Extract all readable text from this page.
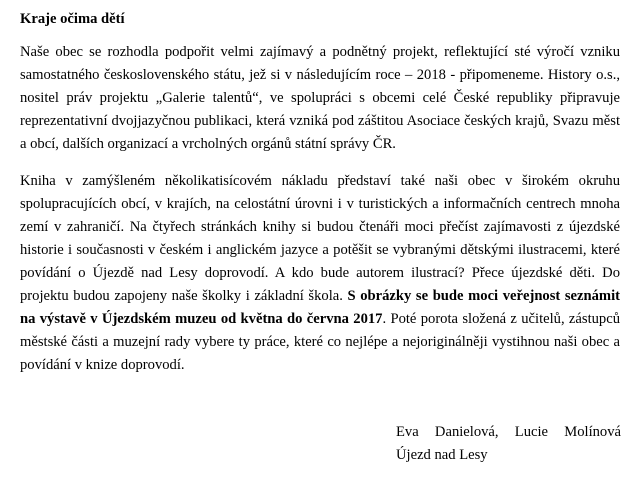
Kraje očima dětí

Naše obec se rozhodla podpořit velmi zajímavý a podnětný projekt, reflektující sté výročí vzniku samostatného československého státu, jež si v následujícím roce – 2018 - připomeneme. History o.s., nositel práv projektu „Galerie talentů“, ve spolupráci s obcemi celé České republiky připravuje reprezentativní dvojjazyčnou publikaci, která vzniká pod záštitou Asociace českých krajů, Svazu měst a obcí, dalších organizací a vrcholných orgánů státní správy ČR.

Kniha v zamýšleném několikatisícovém nákladu představí také naši obec v širokém okruhu spolupracujících obcí, v krajích, na celostátní úrovni i v turistických a informačních centrech mnoha zemí v zahraničí. Na čtyřech stránkách knihy si budou čtenáři moci přečíst zajímavosti z újezdské historie i současnosti v českém i anglickém jazyce a potěšit se vybranými dětskými ilustracemi, které povídání o Újezdě nad Lesy doprovodí. A kdo bude autorem ilustrací? Přece újezdské děti. Do projektu budou zapojeny naše školky i základní škola. S obrázky se bude moci veřejnost seznámit na výstavě v Újezdském muzeu od května do června 2017. Poté porota složená z učitelů, zástupců městské části a muzejní rady vybere ty práce, které co nejlépe a nejoriginálněji vystihnou naši obec a povídání v knize doprovodí.

Eva Danielová, Lucie Molínová
Újezd nad Lesy
